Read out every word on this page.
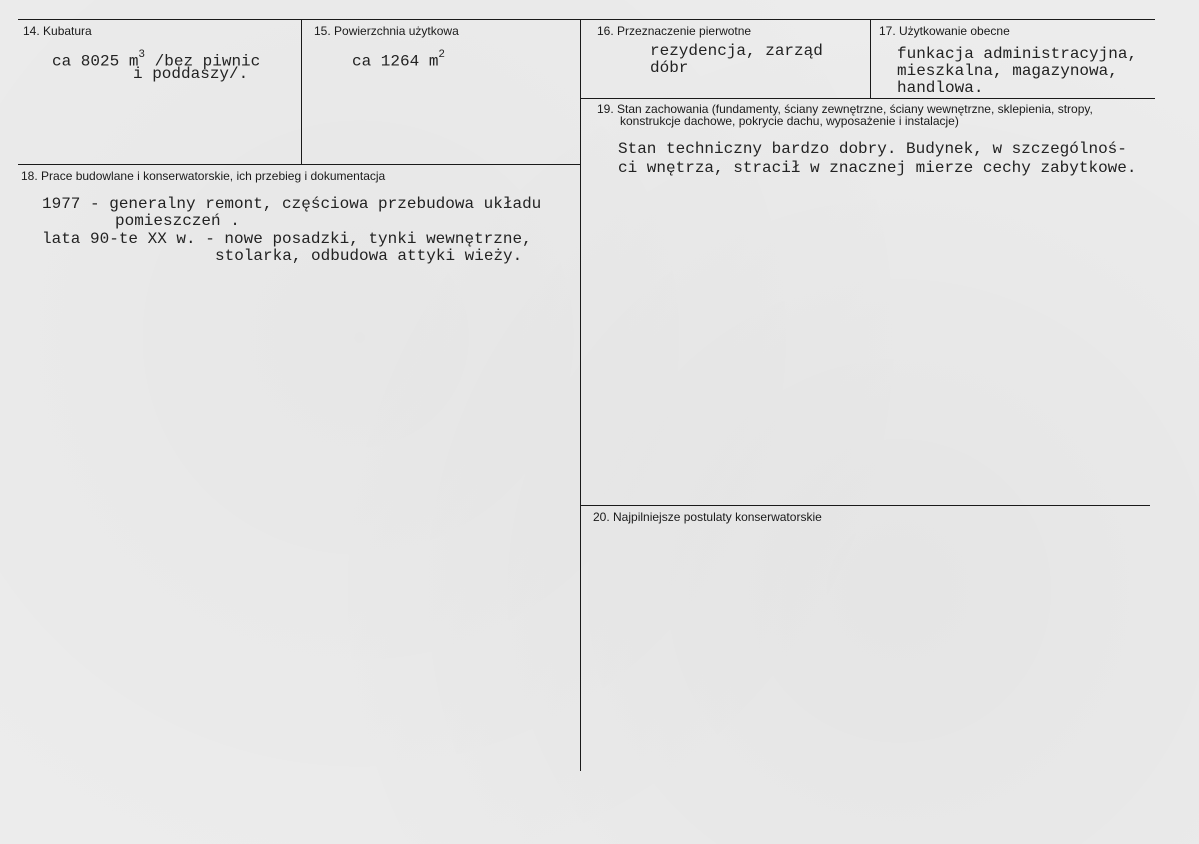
14. Kubatura
ca 8025 $m^3$ /bez piwnic
i poddaszy/.
15. Powierzchnia użytkowa
ca 1264 $m^2$
16. Przeznaczenie pierwotne
rezydencja, zarząd
dóbr
17. Użytkowanie obecne
funkacja administracyjna,
mieszkalna, magazynowa,
handlowa.
19. Stan zachowania (fundamenty, ściany zewnętrzne, ściany wewnętrzne, sklepienia, stropy,
konstrukcje dachowe, pokrycie dachu, wyposażenie i instalacje)
Stan techniczny bardzo dobry. Budynek, w szczególnoś-
ci wnętrza, stracił w znacznej mierze cechy zabytkowe.
18. Prace budowlane i konserwatorskie, ich przebieg i dokumentacja
1977 - generalny remont, częściowa przebudowa układu
pomieszczeń .
lata 90-te XX w. - nowe posadzki, tynki wewnętrzne,
stolarka, odbudowa attyki wieży.
20. Najpilniejsze postulaty konserwatorskie
